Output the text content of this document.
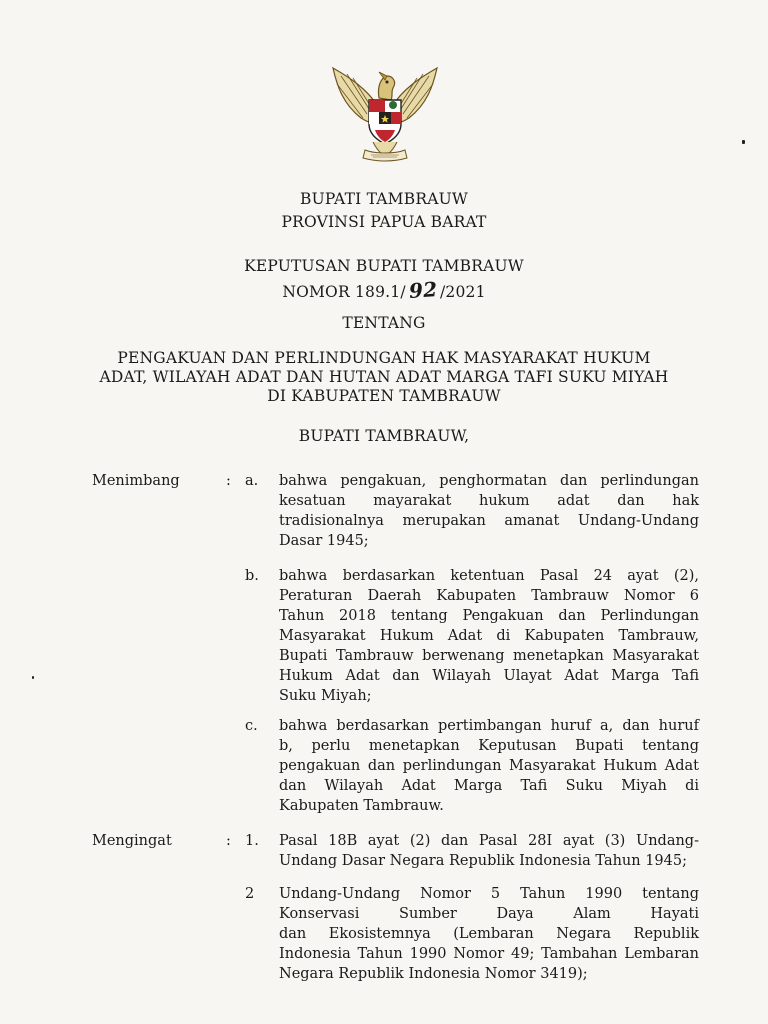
BUPATI TAMBRAUW
PROVINSI PAPUA BARAT
KEPUTUSAN BUPATI TAMBRAUW
NOMOR 189.1/ 92 /2021
TENTANG
PENGAKUAN DAN PERLINDUNGAN HAK MASYARAKAT HUKUM
ADAT, WILAYAH ADAT DAN HUTAN ADAT MARGA TAFI SUKU MIYAH
DI KABUPATEN TAMBRAUW
BUPATI TAMBRAUW,
Menimbang	: a. bahwa pengakuan, penghormatan dan perlindungan
kesatuan mayarakat hukum adat dan hak
tradisionalnya merupakan amanat Undang-Undang
Dasar 1945;
b. bahwa berdasarkan ketentuan Pasal 24 ayat (2),
Peraturan Daerah Kabupaten Tambrauw Nomor 6
Tahun 2018 tentang Pengakuan dan Perlindungan
Masyarakat Hukum Adat di Kabupaten Tambrauw,
Bupati Tambrauw berwenang menetapkan Masyarakat
Hukum Adat dan Wilayah Ulayat Adat Marga Tafi
Suku Miyah;
c. bahwa berdasarkan pertimbangan huruf a, dan huruf
b, perlu menetapkan Keputusan Bupati tentang
pengakuan dan perlindungan Masyarakat Hukum Adat
dan Wilayah Adat Marga Tafi Suku Miyah di
Kabupaten Tambrauw.
Mengingat	: 1. Pasal 18B ayat (2) dan Pasal 28I ayat (3) Undang-
Undang Dasar Negara Republik Indonesia Tahun 1945;
2 Undang-Undang Nomor 5 Tahun 1990 tentang
Konservasi Sumber Daya Alam Hayati
dan Ekosistemnya (Lembaran Negara Republik
Indonesia Tahun 1990 Nomor 49; Tambahan Lembaran
Negara Republik Indonesia Nomor 3419);
